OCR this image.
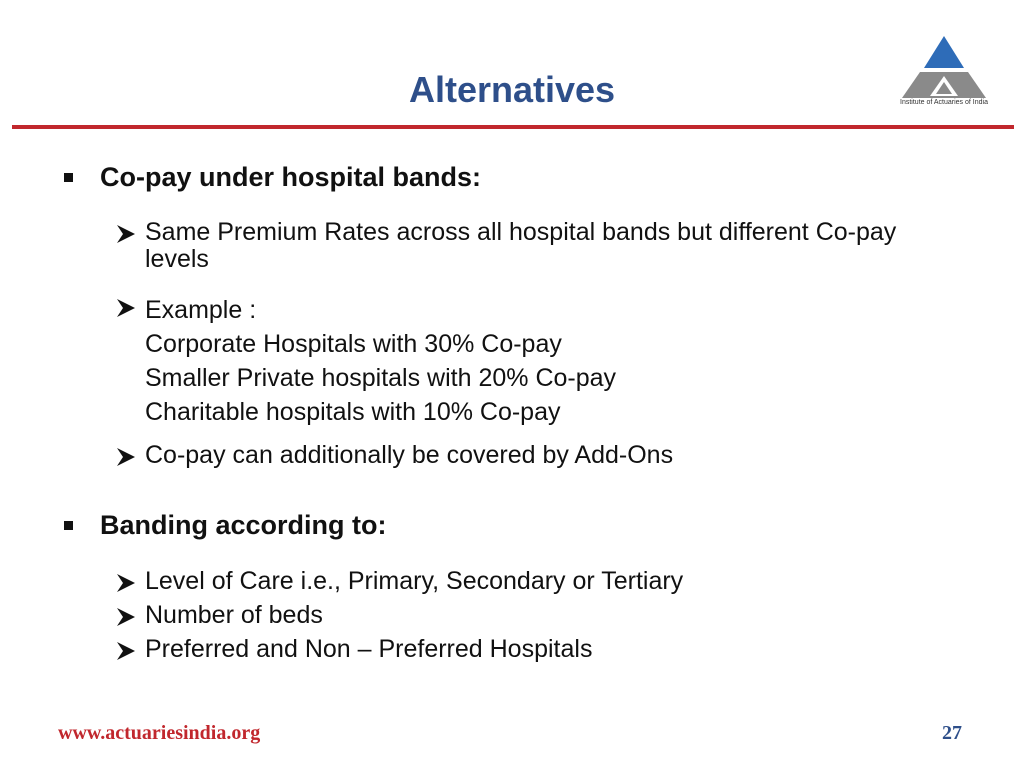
Alternatives	Institute of Actuaries of India
Co-pay under hospital bands:
Same Premium Rates across all hospital bands but different Co-pay levels
Example :
Corporate Hospitals with 30% Co-pay
Smaller Private hospitals with 20% Co-pay
Charitable hospitals with 10% Co-pay
Co-pay can additionally be covered by Add-Ons
Banding according to:
Level of Care i.e., Primary, Secondary or Tertiary
Number of beds
Preferred and Non – Preferred Hospitals
www.actuariesindia.org	27
